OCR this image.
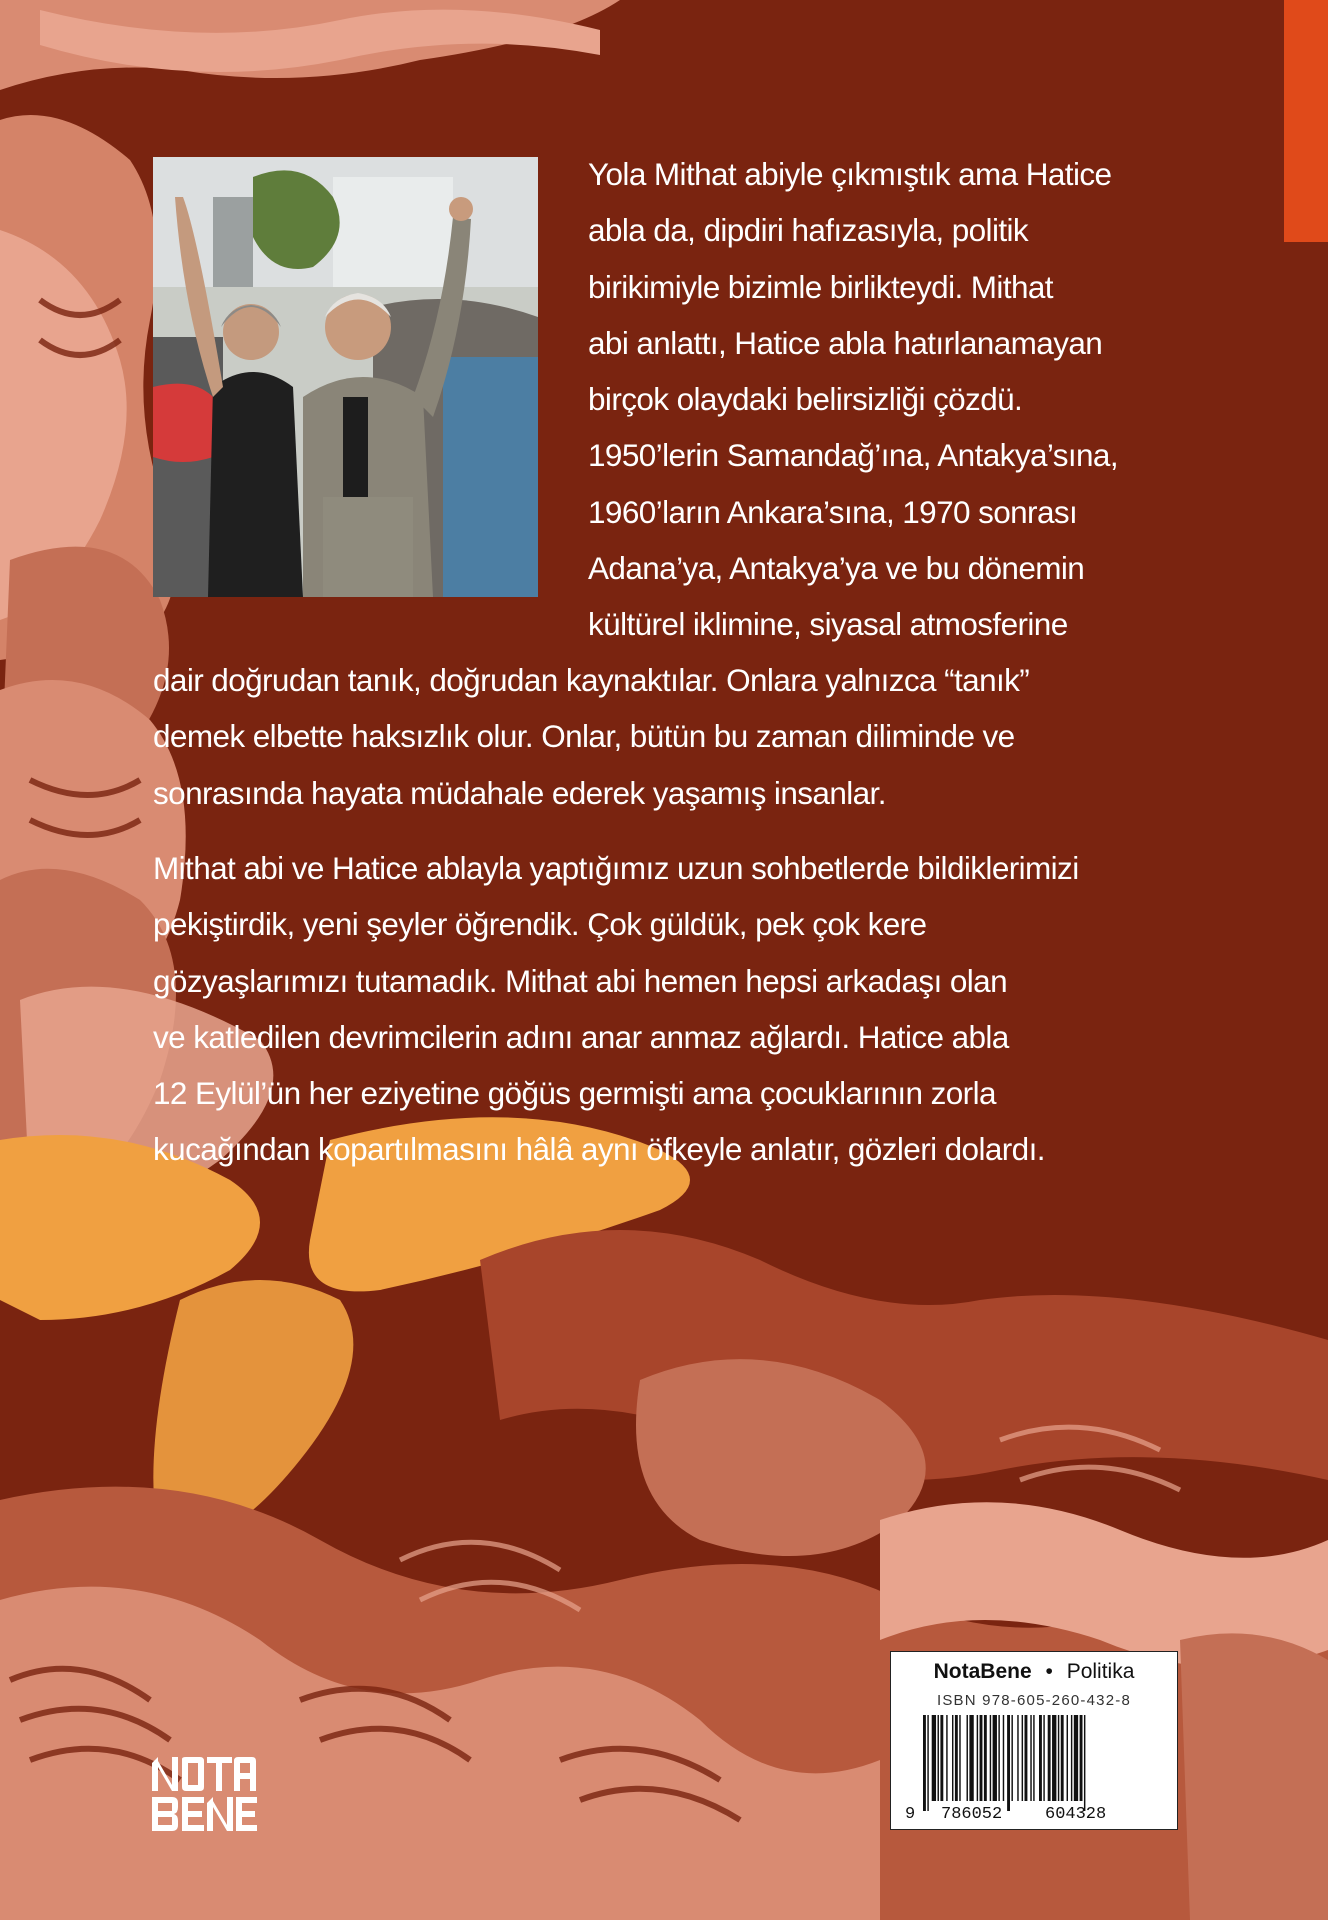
Yola Mithat abiyle çıkmıştık ama Hatice
abla da, dipdiri hafızasıyla, politik
birikimiyle bizimle birlikteydi. Mithat
abi anlattı, Hatice abla hatırlanamayan
birçok olaydaki belirsizliği çözdü.
1950’lerin Samandağ’ına, Antakya’sına,
1960’ların Ankara’sına, 1970 sonrası
Adana’ya, Antakya’ya ve bu dönemin
kültürel iklimine, siyasal atmosferine
dair doğrudan tanık, doğrudan kaynaktılar. Onlara yalnızca “tanık”
demek elbette haksızlık olur. Onlar, bütün bu zaman diliminde ve
sonrasında hayata müdahale ederek yaşamış insanlar.
Mithat abi ve Hatice ablayla yaptığımız uzun sohbetlerde bildiklerimizi
pekiştirdik, yeni şeyler öğrendik. Çok güldük, pek çok kere
gözyaşlarımızı tutamadık. Mithat abi hemen hepsi arkadaşı olan
ve katledilen devrimcilerin adını anar anmaz ağlardı. Hatice abla
12 Eylül’ün her eziyetine göğüs germişti ama çocuklarının zorla
kucağından kopartılmasını hâlâ aynı öfkeyle anlatır, gözleri dolardı.
NotaBene • Politika
ISBN 978-605-260-432-8
9 786052	604328
